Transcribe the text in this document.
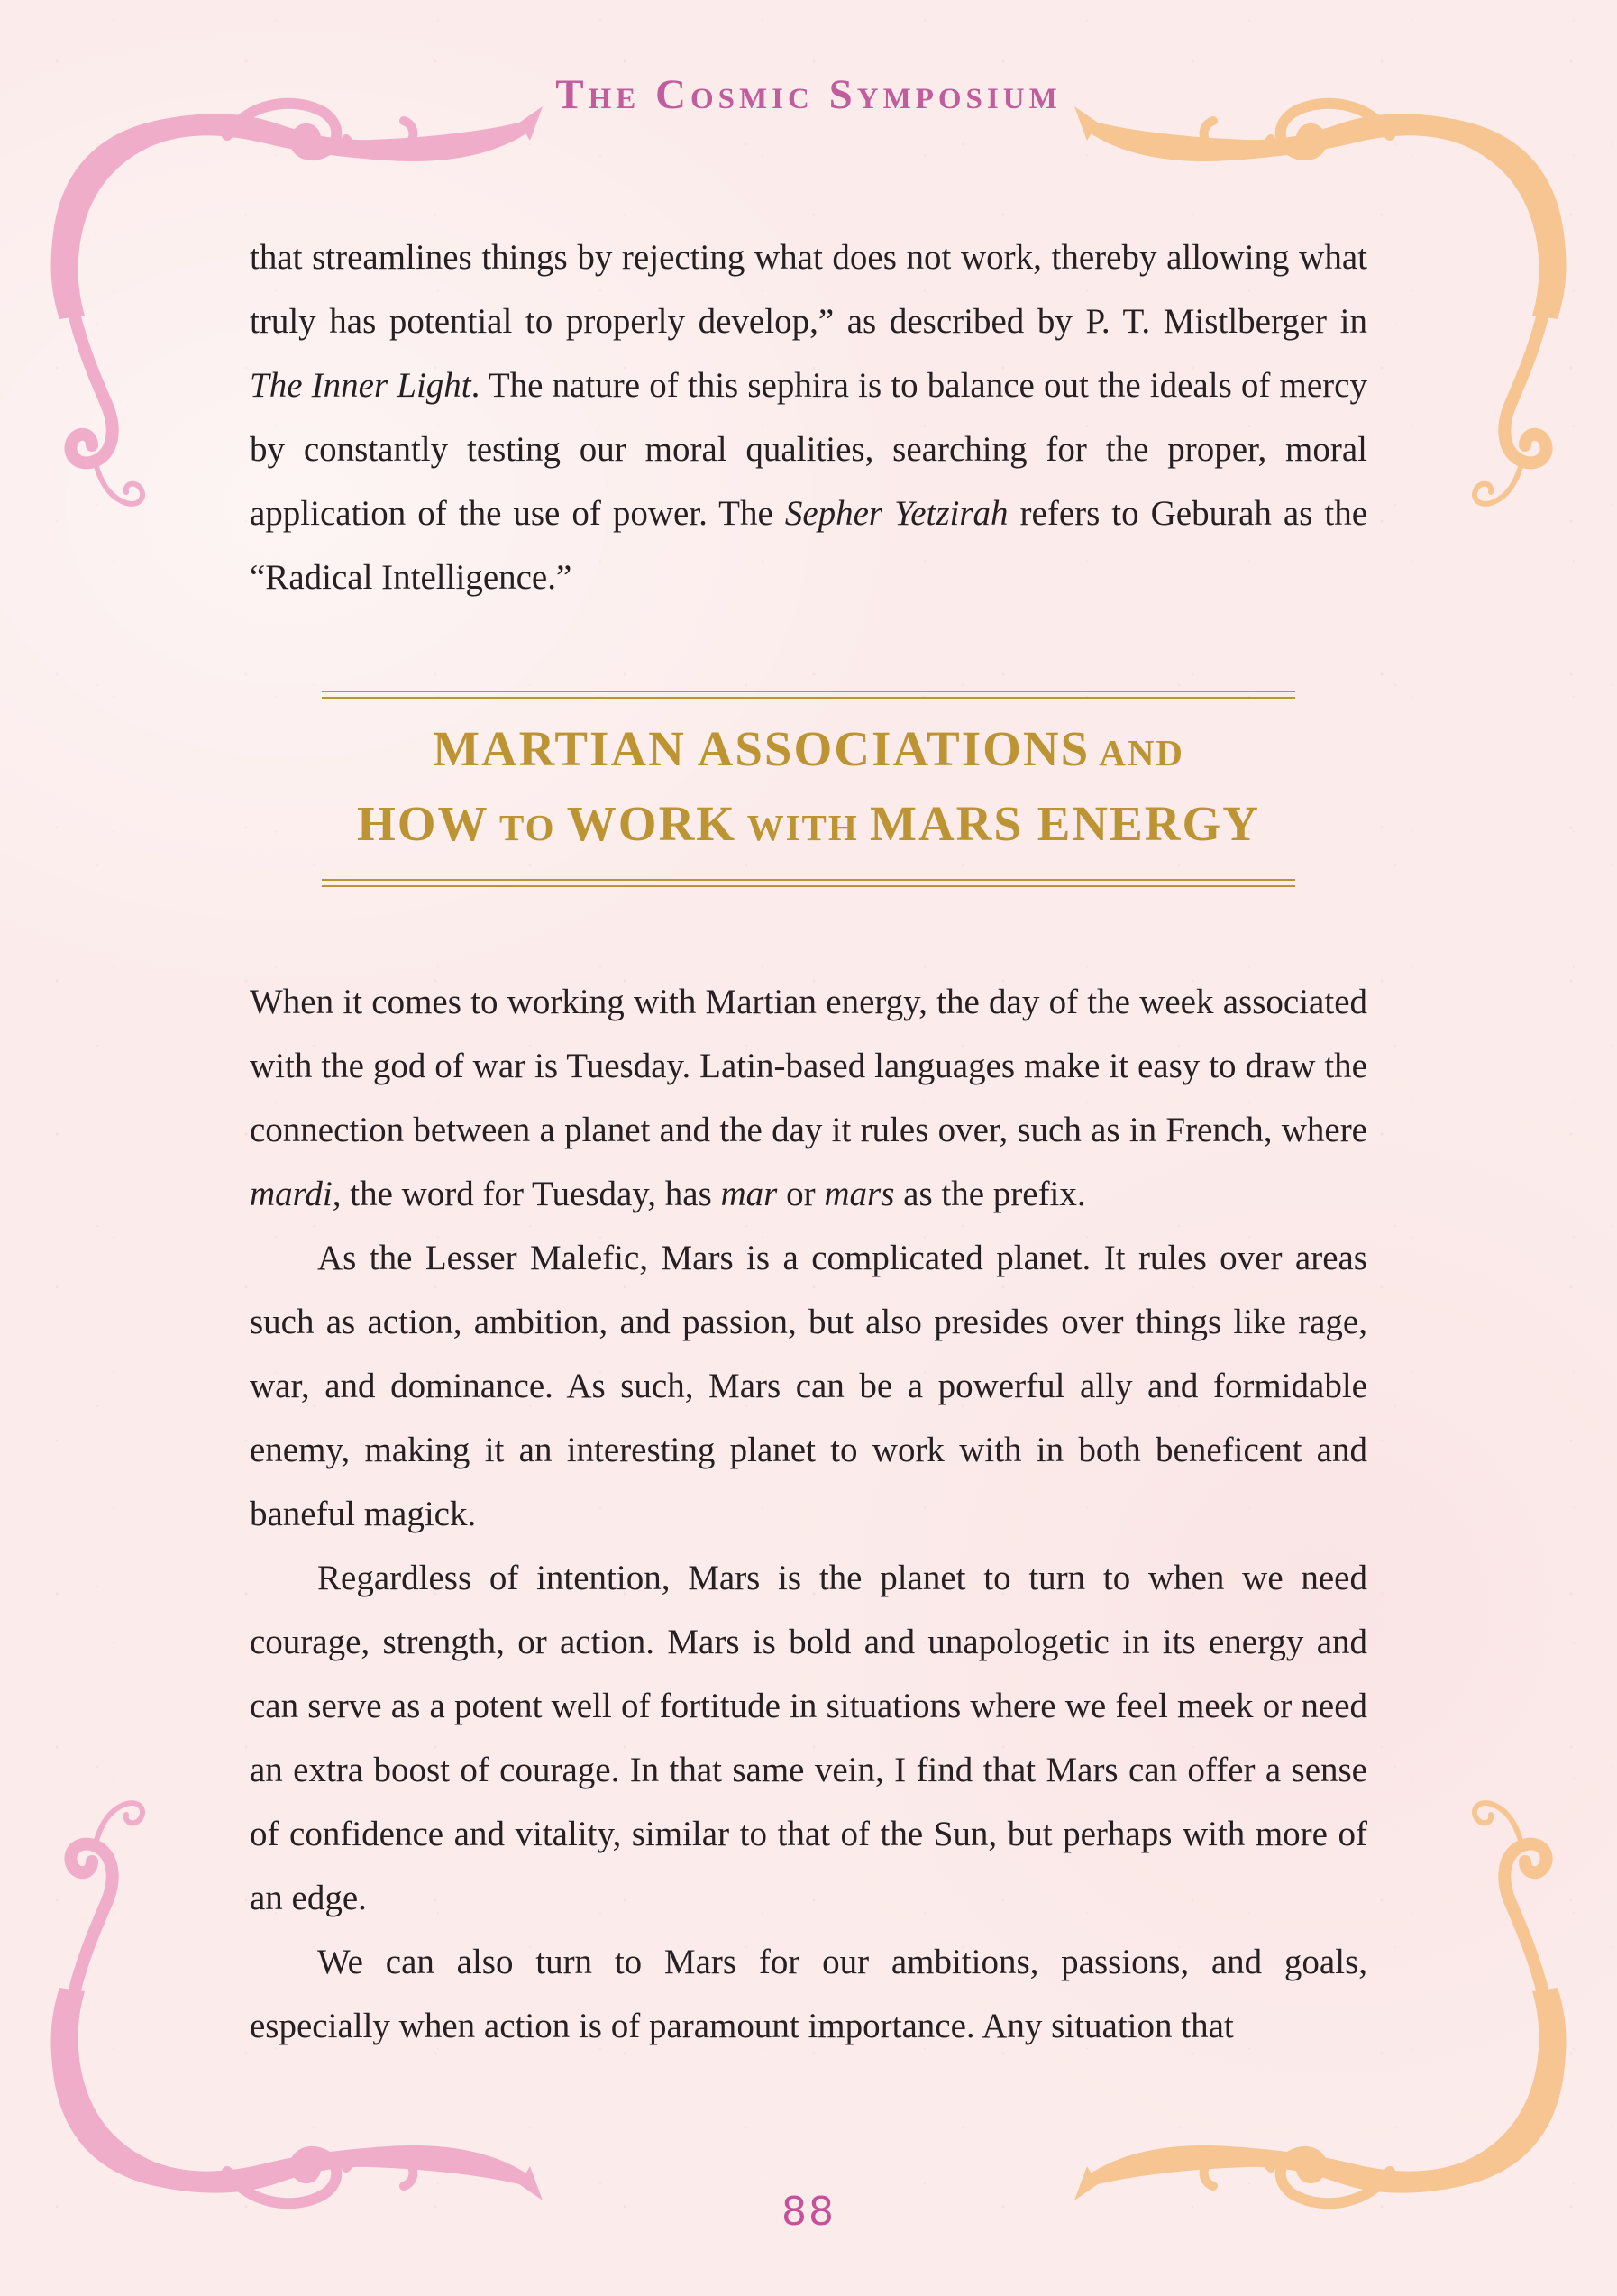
The Cosmic Symposium
that streamlines things by rejecting what does not work, thereby allowing what truly has potential to properly develop,” as described by P. T. Mistlberger in The Inner Light. The nature of this sephira is to balance out the ideals of mercy by constantly testing our moral qualities, searching for the proper, moral application of the use of power. The Sepher Yetzirah refers to Geburah as the “Radical Intelligence.”
MARTIAN ASSOCIATIONS AND
HOW TO WORK WITH MARS ENERGY

When it comes to working with Martian energy, the day of the week associated with the god of war is Tuesday. Latin-based languages make it easy to draw the connection between a planet and the day it rules over, such as in French, where mardi, the word for Tuesday, has mar or mars as the prefix.

As the Lesser Malefic, Mars is a complicated planet. It rules over areas such as action, ambition, and passion, but also presides over things like rage, war, and dominance. As such, Mars can be a powerful ally and formidable enemy, making it an interesting planet to work with in both beneficent and baneful magick.

Regardless of intention, Mars is the planet to turn to when we need courage, strength, or action. Mars is bold and unapologetic in its energy and can serve as a potent well of fortitude in situations where we feel meek or need an extra boost of courage. In that same vein, I find that Mars can offer a sense of confidence and vitality, similar to that of the Sun, but perhaps with more of an edge.

We can also turn to Mars for our ambitions, passions, and goals, especially when action is of paramount importance. Any situation that

88
